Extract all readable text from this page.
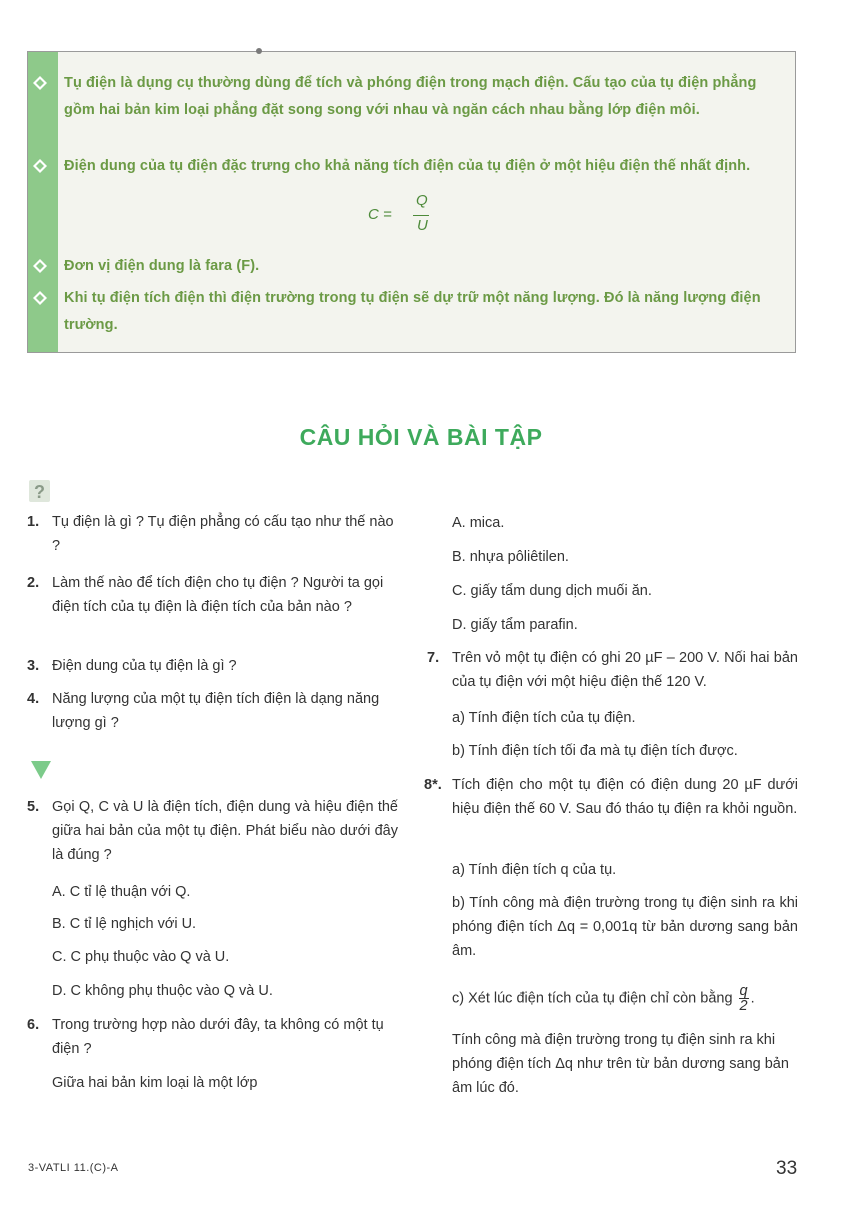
Tụ điện là dụng cụ thường dùng để tích và phóng điện trong mạch điện. Cấu tạo của tụ điện phẳng gồm hai bản kim loại phẳng đặt song song với nhau và ngăn cách nhau bằng lớp điện môi.
Điện dung của tụ điện đặc trưng cho khả năng tích điện của tụ điện ở một hiệu điện thế nhất định.
C =
Q
U
Đơn vị điện dung là fara (F).
Khi tụ điện tích điện thì điện trường trong tụ điện sẽ dự trữ một năng lượng. Đó là năng lượng điện trường.
CÂU HỎI VÀ BÀI TẬP
?
1. Tụ điện là gì ? Tụ điện phẳng có cấu tạo như thế nào ?
2. Làm thế nào để tích điện cho tụ điện ? Người ta gọi điện tích của tụ điện là điện tích của bản nào ?
3. Điện dung của tụ điện là gì ?
4. Năng lượng của một tụ điện tích điện là dạng năng lượng gì ?
5. Gọi Q, C và U là điện tích, điện dung và hiệu điện thế giữa hai bản của một tụ điện. Phát biểu nào dưới đây là đúng ?
A. C tỉ lệ thuận với Q.
B. C tỉ lệ nghịch với U.
C. C phụ thuộc vào Q và U.
D. C không phụ thuộc vào Q và U.
6. Trong trường hợp nào dưới đây, ta không có một tụ điện ?
Giữa hai bản kim loại là một lớp
A. mica.
B. nhựa pôliêtilen.
C. giấy tẩm dung dịch muối ăn.
D. giấy tẩm parafin.
7. Trên vỏ một tụ điện có ghi 20 µF – 200 V. Nối hai bản của tụ điện với một hiệu điện thế 120 V.
a) Tính điện tích của tụ điện.
b) Tính điện tích tối đa mà tụ điện tích được.
8*. Tích điện cho một tụ điện có điện dung 20 µF dưới hiệu điện thế 60 V. Sau đó tháo tụ điện ra khỏi nguồn.
a) Tính điện tích q của tụ.
b) Tính công mà điện trường trong tụ điện sinh ra khi phóng điện tích Δq = 0,001q từ bản dương sang bản âm.
c) Xét lúc điện tích của tụ điện chỉ còn bằng $\frac{q}{2}$ .
Tính công mà điện trường trong tụ điện sinh ra khi phóng điện tích Δq như trên từ bản dương sang bản âm lúc đó.
3-VATLI 11.(C)-A	33
